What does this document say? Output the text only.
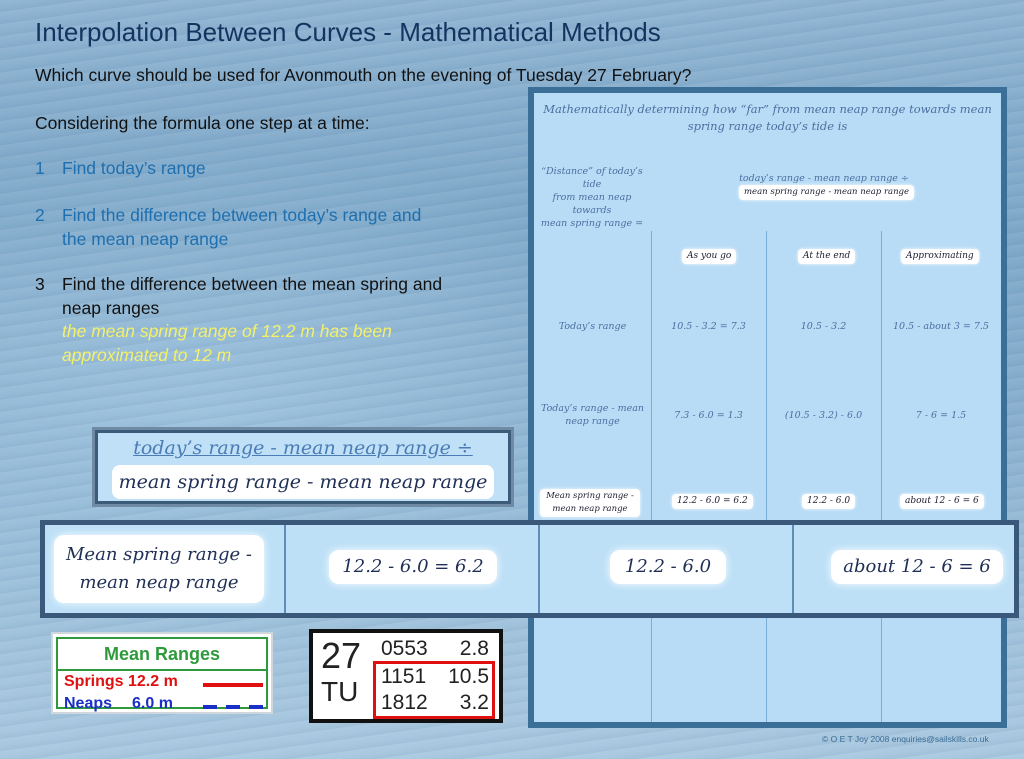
Interpolation Between Curves - Mathematical Methods
Which curve should be used for Avonmouth on the evening of Tuesday 27 February?
Considering the formula one step at a time:
1 Find today’s range
2 Find the difference between today’s range and
the mean neap range
3 Find the difference between the mean spring and
neap ranges
the mean spring range of 12.2 m has been
approximated to 12 m
Mathematically determining how “far” from mean neap range towards mean
spring range today’s tide is
“Distance” of today’s tide
from mean neap towards
mean spring range =
today’s range - mean neap range ÷
mean spring range - mean neap range
As you go	At the end	Approximating
Today’s range	10.5 - 3.2 = 7.3	10.5 - 3.2	10.5 - about 3 = 7.5
Today’s range - mean
neap range
7.3 - 6.0 = 1.3	(10.5 - 3.2) - 6.0	7 - 6 = 1.5
Mean spring range -
mean neap range
12.2 - 6.0 = 6.2	12.2 - 6.0	about 12 - 6 = 6
today’s range - mean neap range ÷
mean spring range - mean neap range
Mean spring range -
mean neap range
12.2 - 6.0 = 6.2	12.2 - 6.0	about 12 - 6 = 6
Mean Ranges
Springs 12.2 m
Neaps 6.0 m
27
TU
0553 2.8
1151 10.5
1812 3.2
© O E T Joy 2008 enquiries@sailskills.co.uk
